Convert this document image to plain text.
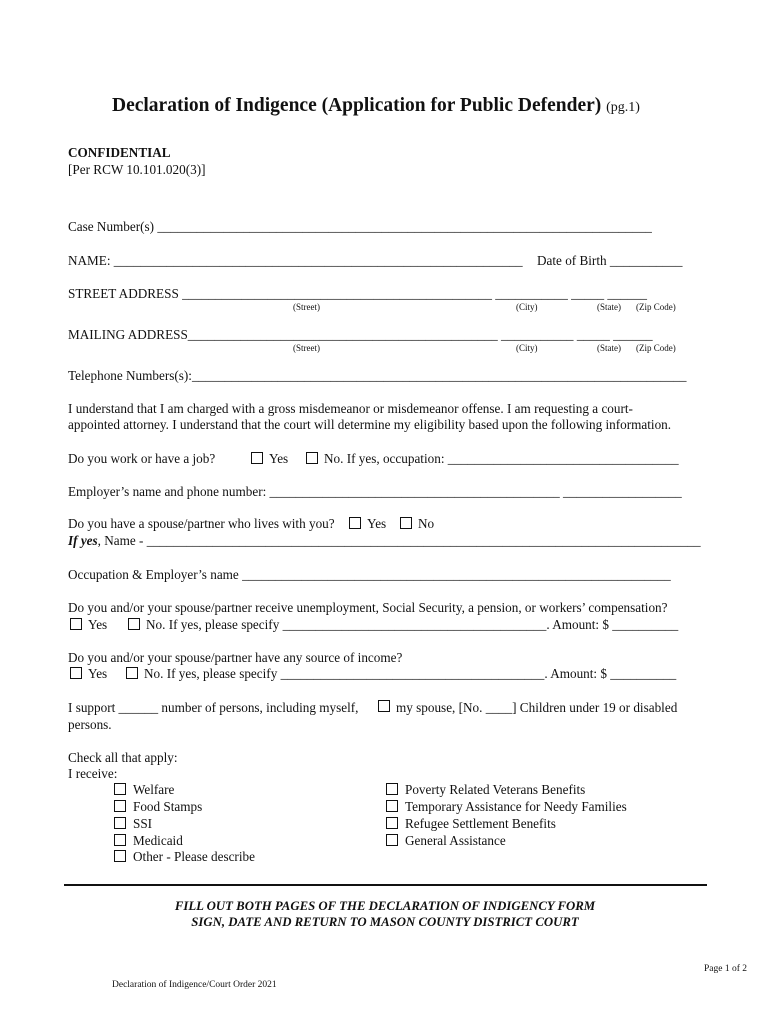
Declaration of Indigence (Application for Public Defender) (pg.1)
CONFIDENTIAL
[Per RCW 10.101.020(3)]
Case Number(s) ___________________________________________________________________________
NAME: ______________________________________________________________ Date of Birth ___________
STREET ADDRESS _______________________________________________ ___________ _____ ______
(Street)	(City)	(State) (Zip Code)
MAILING ADDRESS_______________________________________________ ___________ _____ ______
(Street)	(City)	(State) (Zip Code)
Telephone Numbers(s):___________________________________________________________________________
I understand that I am charged with a gross misdemeanor or misdemeanor offense. I am requesting a court-
appointed attorney. I understand that the court will determine my eligibility based upon the following information.
Do you work or have a job?	Yes	No. If yes, occupation: ___________________________________
Employer’s name and phone number: ____________________________________________ __________________
Do you have a spouse/partner who lives with you? Yes No
If yes, Name - ____________________________________________________________________________________
Occupation & Employer’s name _________________________________________________________________
Do you and/or your spouse/partner receive unemployment, Social Security, a pension, or workers’ compensation?
Yes	No. If yes, please specify ________________________________________. Amount: $ __________
Do you and/or your spouse/partner have any source of income?
Yes	No. If yes, please specify ________________________________________. Amount: $ __________
I support ______ number of persons, including myself,	my spouse, [No. ____] Children under 19 or disabled
persons.
Check all that apply:
I receive:
Welfare
Food Stamps
SSI
Medicaid
Other - Please describe
Poverty Related Veterans Benefits
Temporary Assistance for Needy Families
Refugee Settlement Benefits
General Assistance
FILL OUT BOTH PAGES OF THE DECLARATION OF INDIGENCY FORM
SIGN, DATE AND RETURN TO MASON COUNTY DISTRICT COURT
Page 1 of 2
Declaration of Indigence/Court Order 2021
